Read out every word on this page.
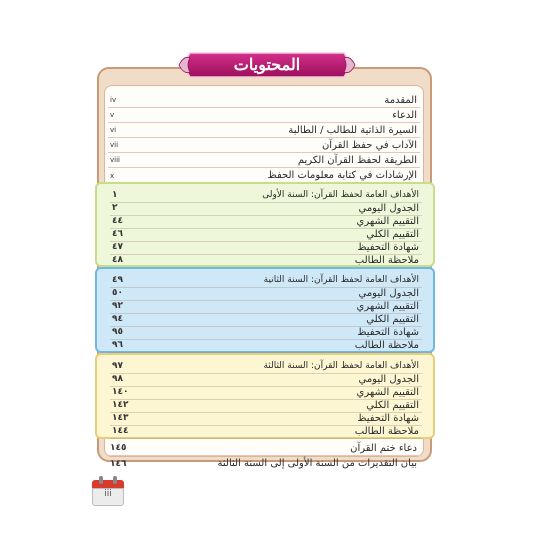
المحتويات
iv	المقدمة
v	الدعاء
vi	السيرة الذاتية للطالب / الطالبة
vii	الآداب في حفظ القرآن
viii	الطريقة لحفظ القرآن الكريم
x	الإرشادات في كتابة معلومات الحفظ
١	الأهداف العامة لحفظ القرآن: السنة الأولى
٢	الجدول اليومي
٤٤	التقييم الشهري
٤٦	التقييم الكلي
٤٧	شهادة التحفيظ
٤٨	ملاحظة الطالب
٤٩	الأهداف العامة لحفظ القرآن: السنة الثانية
٥٠	الجدول اليومي
٩٢	التقييم الشهري
٩٤	التقييم الكلي
٩٥	شهادة التحفيظ
٩٦	ملاحظة الطالب
٩٧	الأهداف العامة لحفظ القرآن: السنة الثالثة
٩٨	الجدول اليومي
١٤٠	التقييم الشهري
١٤٢	التقييم الكلي
١٤٣	شهادة التحفيظ
١٤٤	ملاحظة الطالب
١٤٥	دعاء ختم القرآن
١٤٦	بيان التقديرات من السنة الأولى إلى السنة الثالثة
iii
